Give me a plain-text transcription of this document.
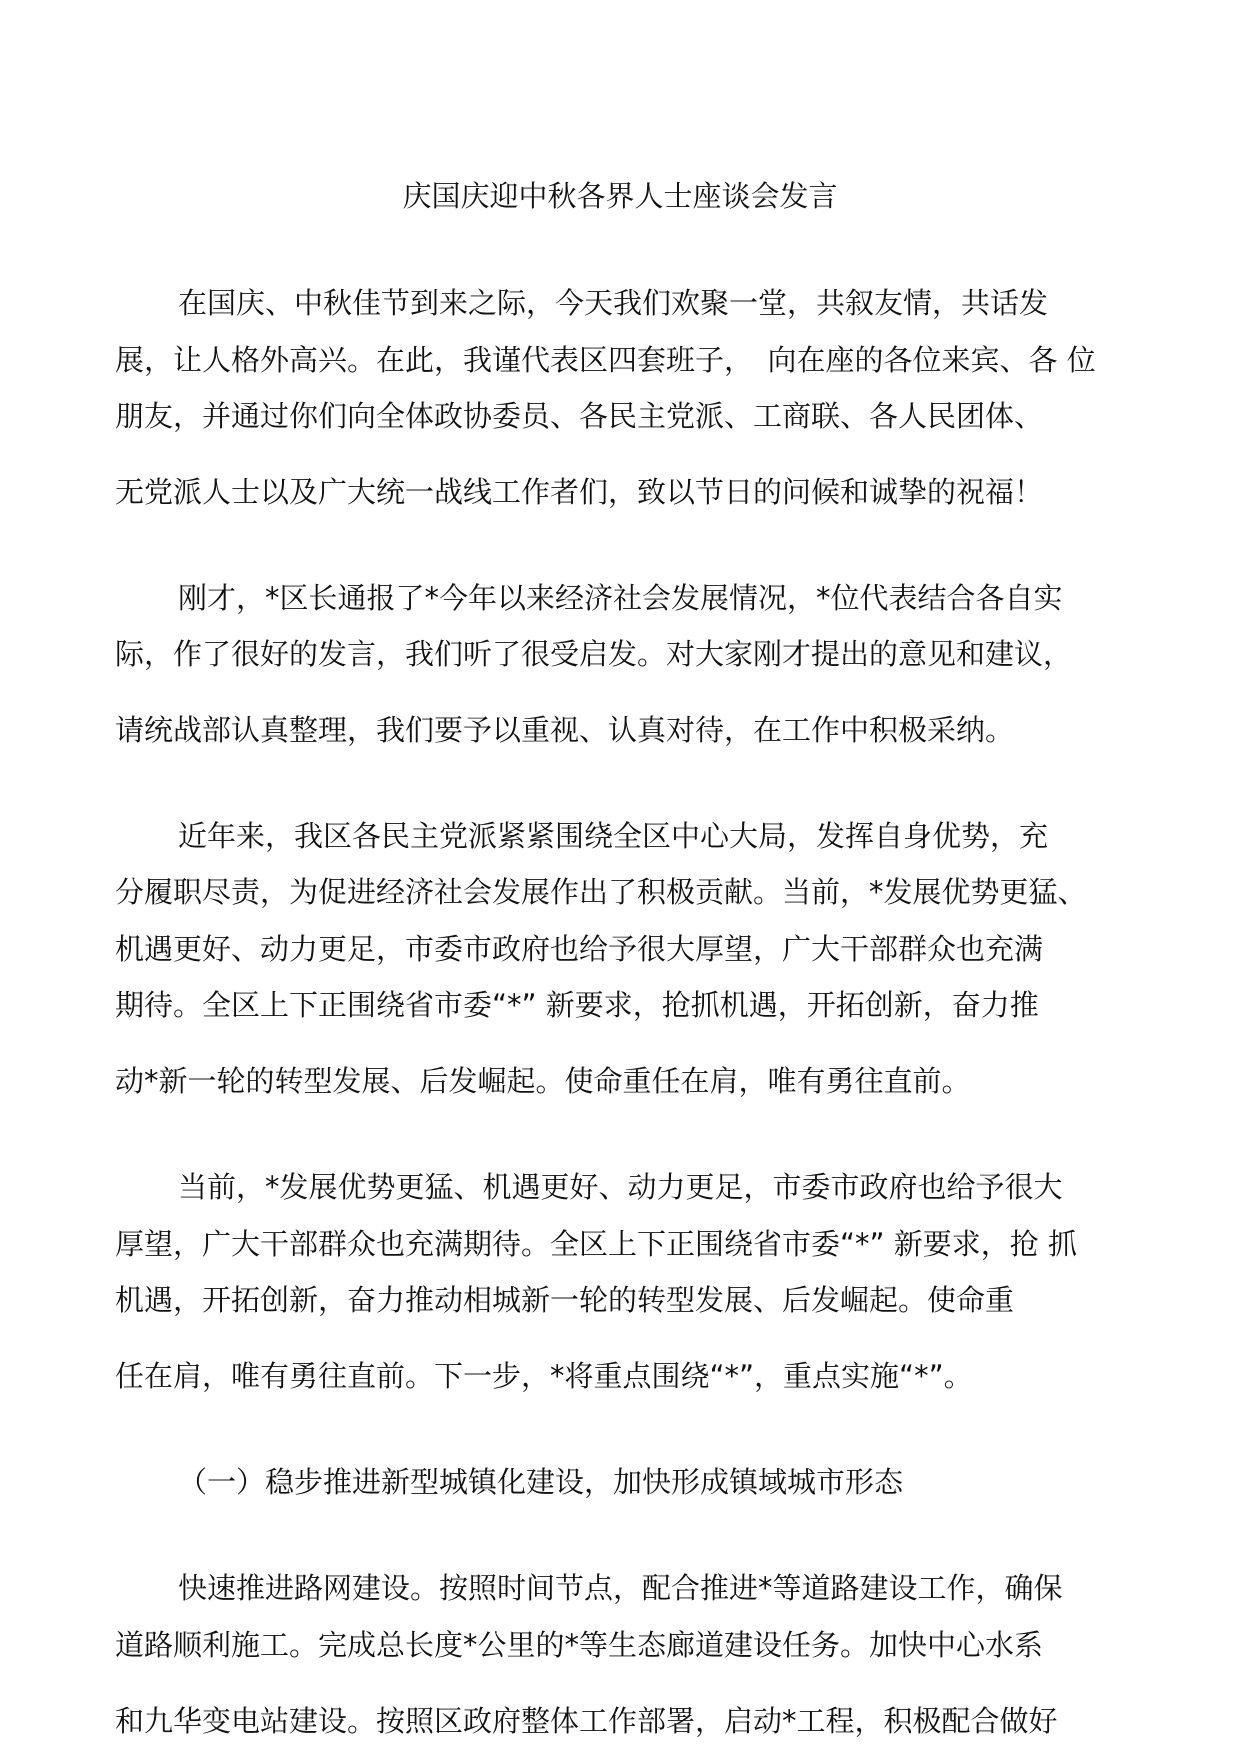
庆国庆迎中秋各界人士座谈会发言
在国庆、中秋佳节到来之际，今天我们欢聚一堂，共叙友情，共话发
展，让人格外高兴。在此，我谨代表区四套班子，　向在座的各位来宾、各 位
朋友，并通过你们向全体政协委员、各民主党派、工商联、各人民团体、
无党派人士以及广大统一战线工作者们，致以节日的问候和诚挚的祝福！
刚才，*区长通报了*今年以来经济社会发展情况，*位代表结合各自实
际，作了很好的发言，我们听了很受启发。对大家刚才提出的意见和建议，
请统战部认真整理，我们要予以重视、认真对待，在工作中积极采纳。
近年来，我区各民主党派紧紧围绕全区中心大局，发挥自身优势，充
分履职尽责，为促进经济社会发展作出了积极贡献。当前，*发展优势更猛、
机遇更好、动力更足，市委市政府也给予很大厚望，广大干部群众也充满
期待。全区上下正围绕省市委“*” 新要求，抢抓机遇，开拓创新，奋力推
动*新一轮的转型发展、后发崛起。使命重任在肩，唯有勇往直前。
当前，*发展优势更猛、机遇更好、动力更足，市委市政府也给予很大
厚望，广大干部群众也充满期待。全区上下正围绕省市委“*” 新要求，抢 抓
机遇，开拓创新，奋力推动相城新一轮的转型发展、后发崛起。使命重
任在肩，唯有勇往直前。下一步，*将重点围绕“*”，重点实施“*”。
（一）稳步推进新型城镇化建设，加快形成镇域城市形态
快速推进路网建设。按照时间节点，配合推进*等道路建设工作，确保
道路顺利施工。完成总长度*公里的*等生态廊道建设任务。加快中心水系
和九华变电站建设。按照区政府整体工作部署，启动*工程，积极配合做好
